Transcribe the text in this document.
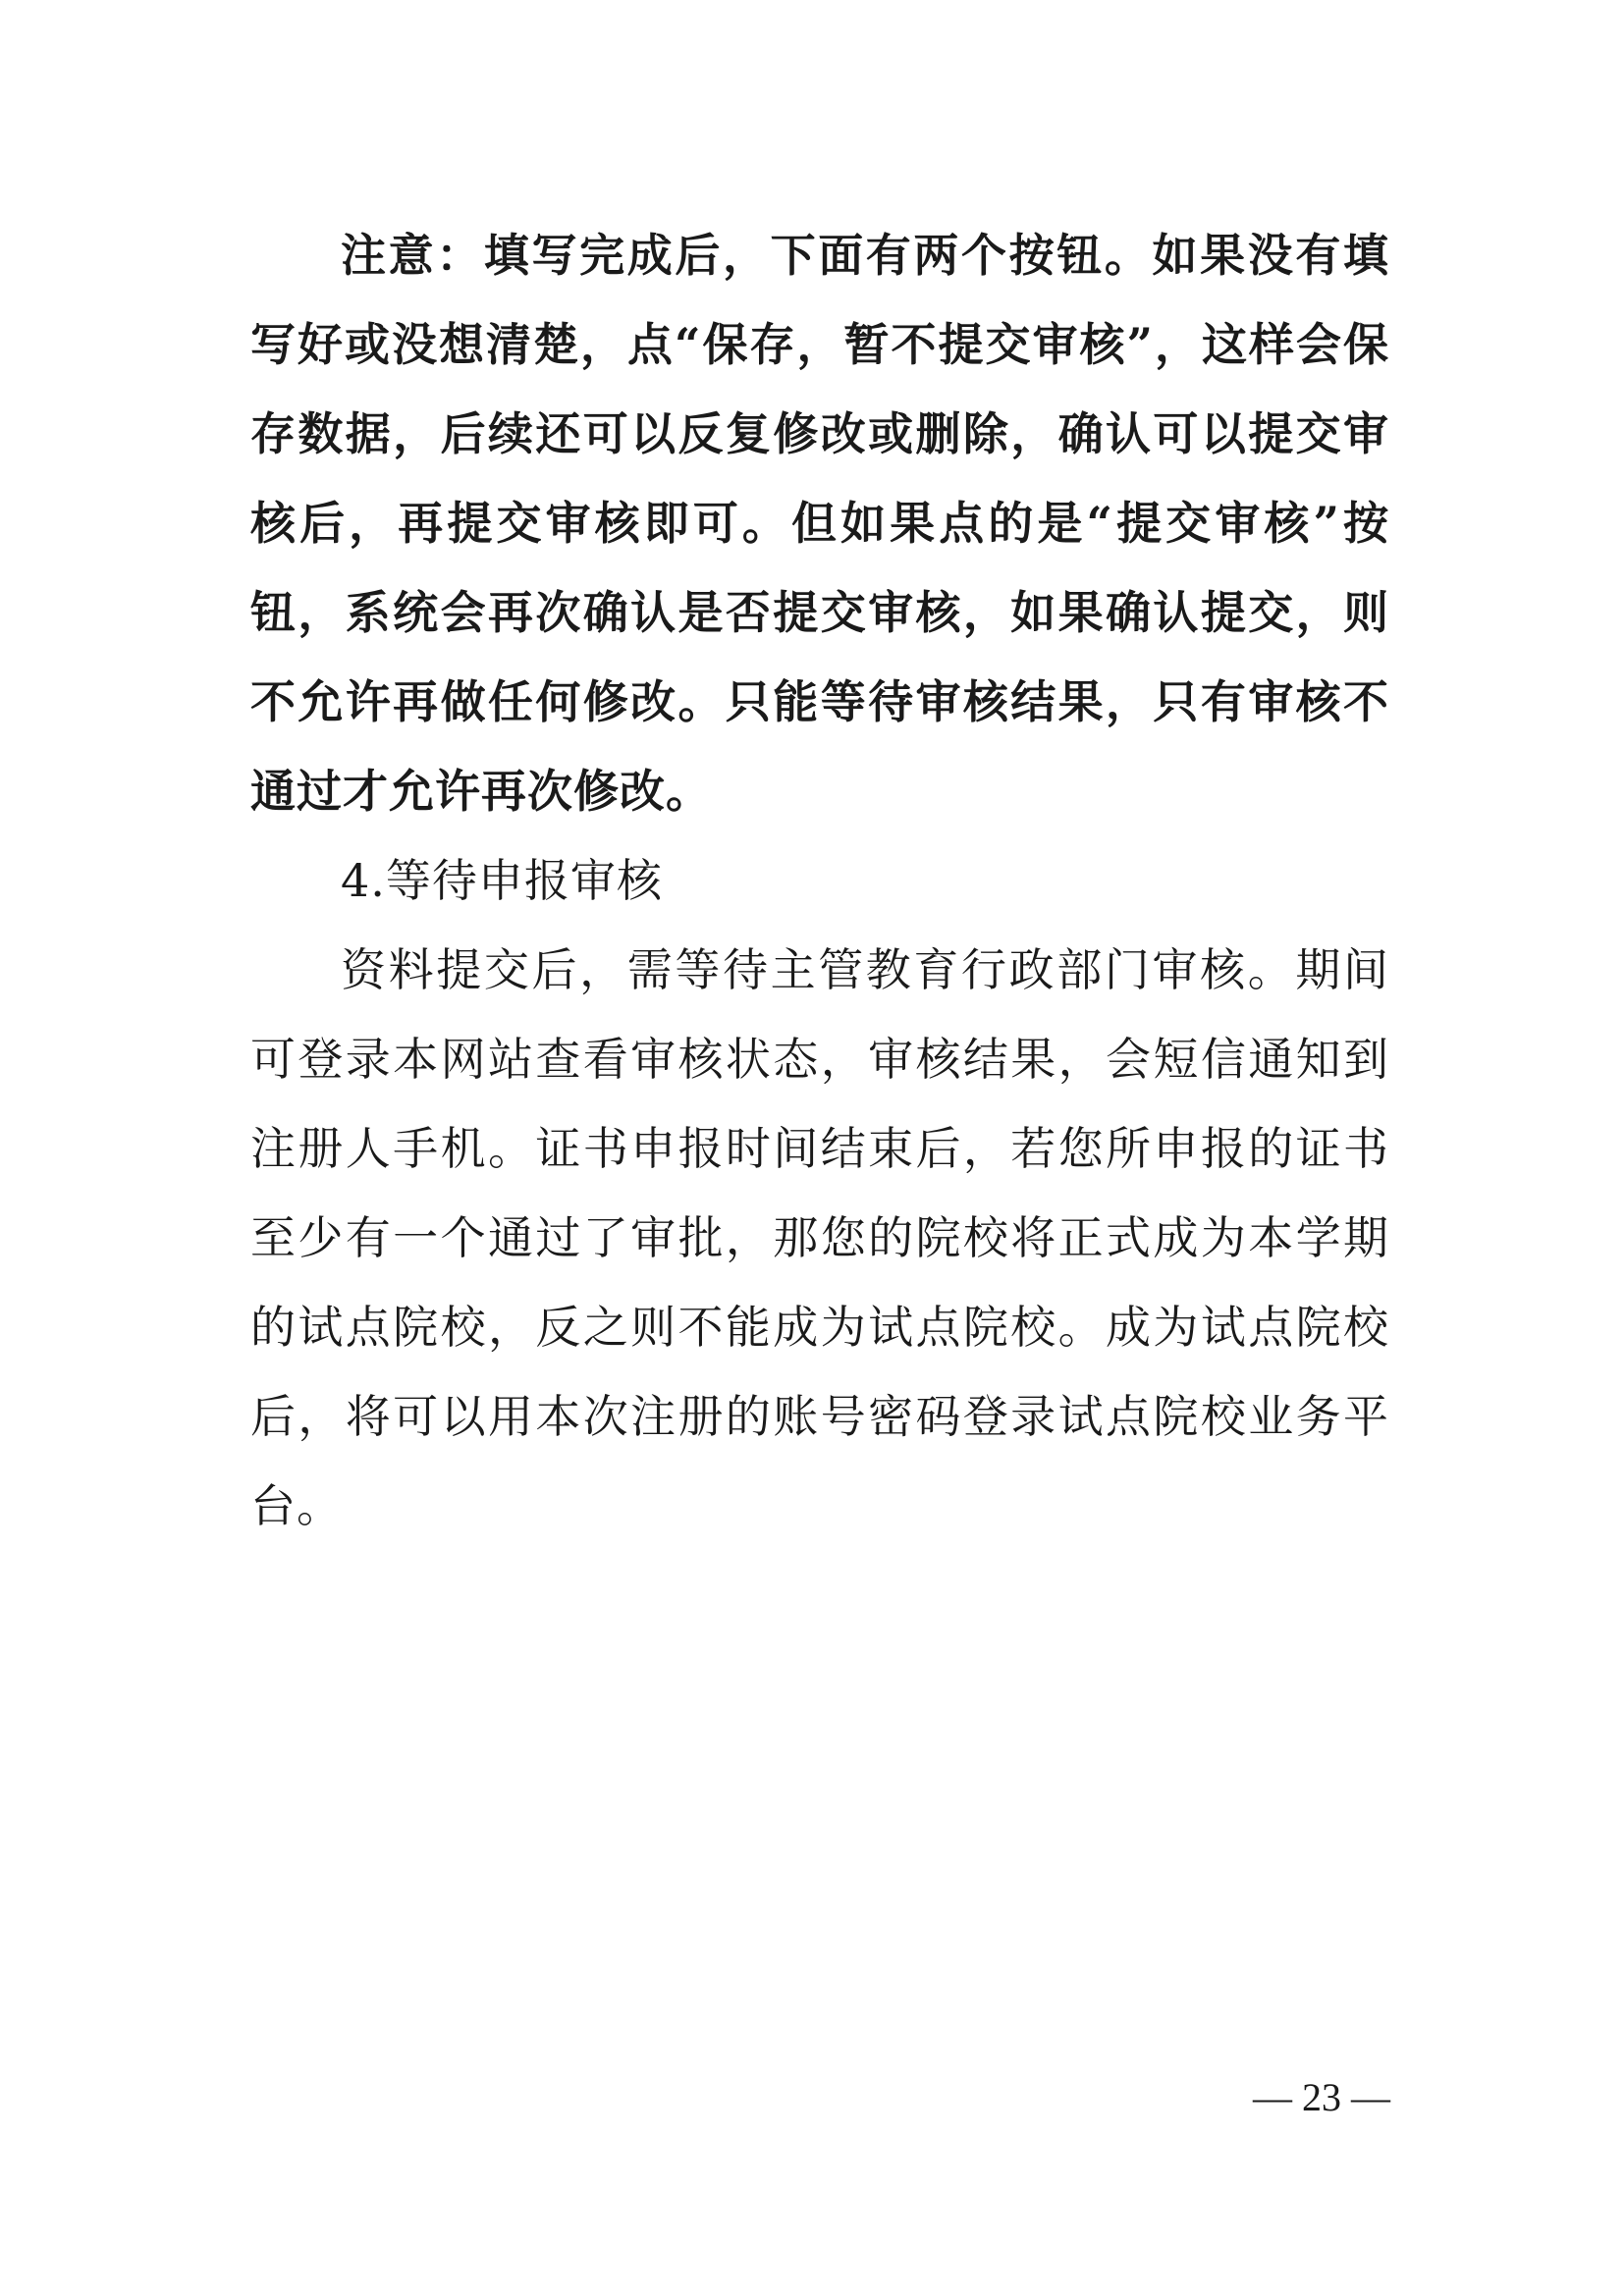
注意：填写完成后，下面有两个按钮。如果没有填写好或没想清楚，点“保存，暂不提交审核”，这样会保存数据，后续还可以反复修改或删除，确认可以提交审核后，再提交审核即可。但如果点的是“提交审核”按钮，系统会再次确认是否提交审核，如果确认提交，则不允许再做任何修改。只能等待审核结果，只有审核不通过才允许再次修改。

4.等待申报审核

资料提交后，需等待主管教育行政部门审核。期间可登录本网站查看审核状态，审核结果，会短信通知到注册人手机。证书申报时间结束后，若您所申报的证书至少有一个通过了审批，那您的院校将正式成为本学期的试点院校，反之则不能成为试点院校。成为试点院校后，将可以用本次注册的账号密码登录试点院校业务平台。

— 23 —
